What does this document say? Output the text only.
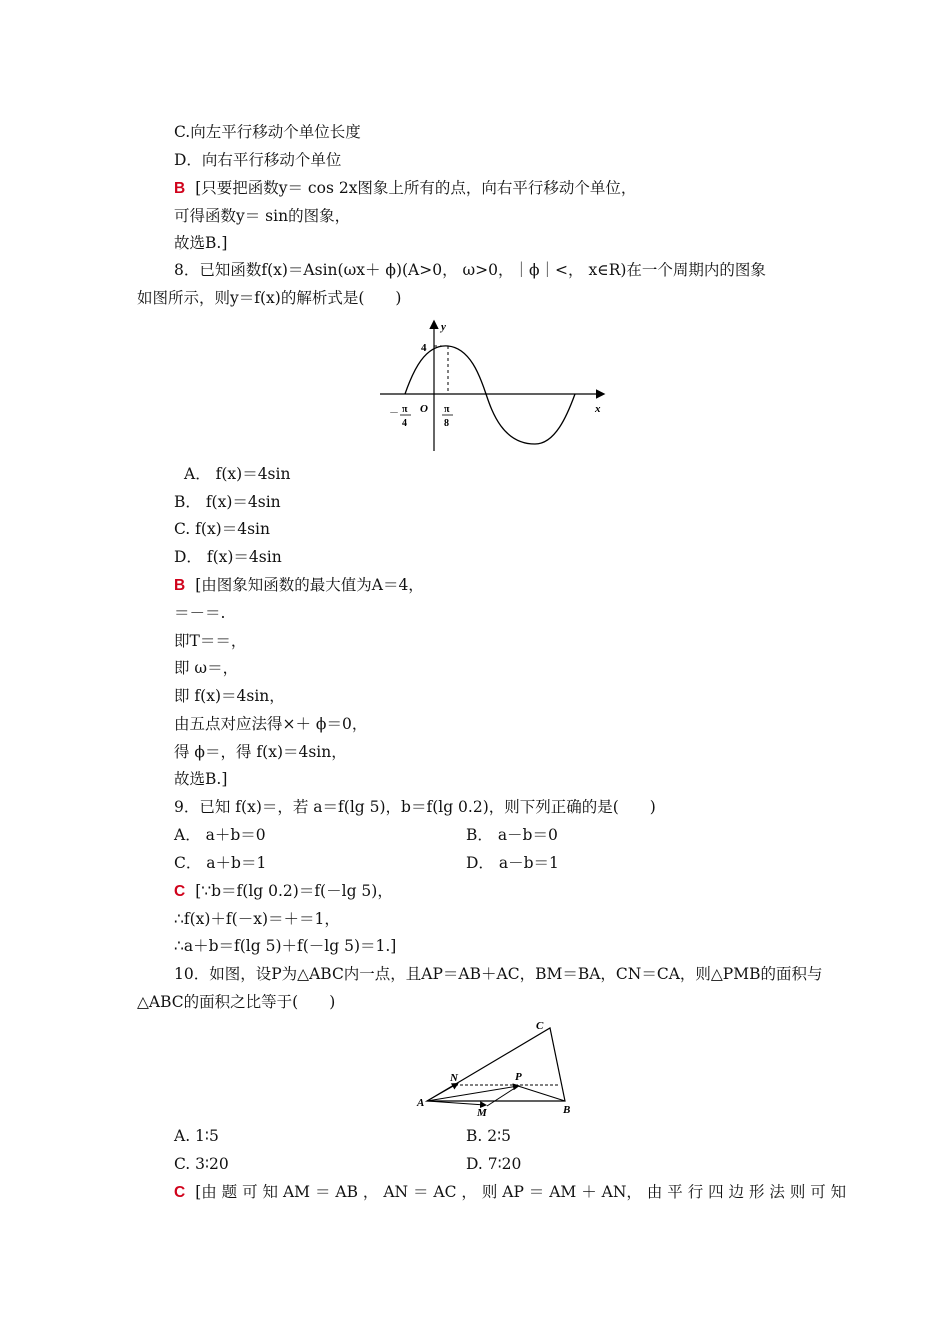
C.向左平行移动个单位长度
D．向右平行移动个单位
B [只要把函数y＝ cos 2x图象上所有的点，向右平行移动个单位，
可得函数y＝ sin的图象，
故选B.]
8．已知函数f(x)＝Asin(ωx＋ ϕ)(A>0， ω>0，｜ϕ｜<， x∈R)在一个周期内的图象
如图所示，则y＝f(x)的解析式是(　　)
y
x
O
4
－ π
4
π
8
A． f(x)＝4sin
B． f(x)＝4sin
C. f(x)＝4sin
D． f(x)＝4sin
B [由图象知函数的最大值为A＝4，
＝－＝.
即T＝＝，
即 ω＝，
即 f(x)＝4sin，
由五点对应法得×＋ ϕ＝0，
得 ϕ＝，得 f(x)＝4sin，
故选B.]
9．已知 f(x)＝，若 a＝f(lg 5)，b＝f(lg 0.2)，则下列正确的是(　　)
A． a＋b＝0	B． a－b＝0
C． a＋b＝1	D． a－b＝1
C [∵b＝f(lg 0.2)＝f(－lg 5)，
∴f(x)＋f(－x)＝＋＝1，
∴a＋b＝f(lg 5)＋f(－lg 5)＝1.]
10．如图，设P为△ABC内一点，且AP＝AB＋AC，BM＝BA，CN＝CA，则△PMB的面积与
△ABC的面积之比等于(　　)
A
B
C
M
N	P
A. 1∶5	B. 2∶5
C. 3∶20	D. 7∶20
C [由 题 可 知 AM ＝ AB ， AN ＝ AC ， 则 AP ＝ AM ＋ AN， 由 平 行 四 边 形 法 则 可 知
